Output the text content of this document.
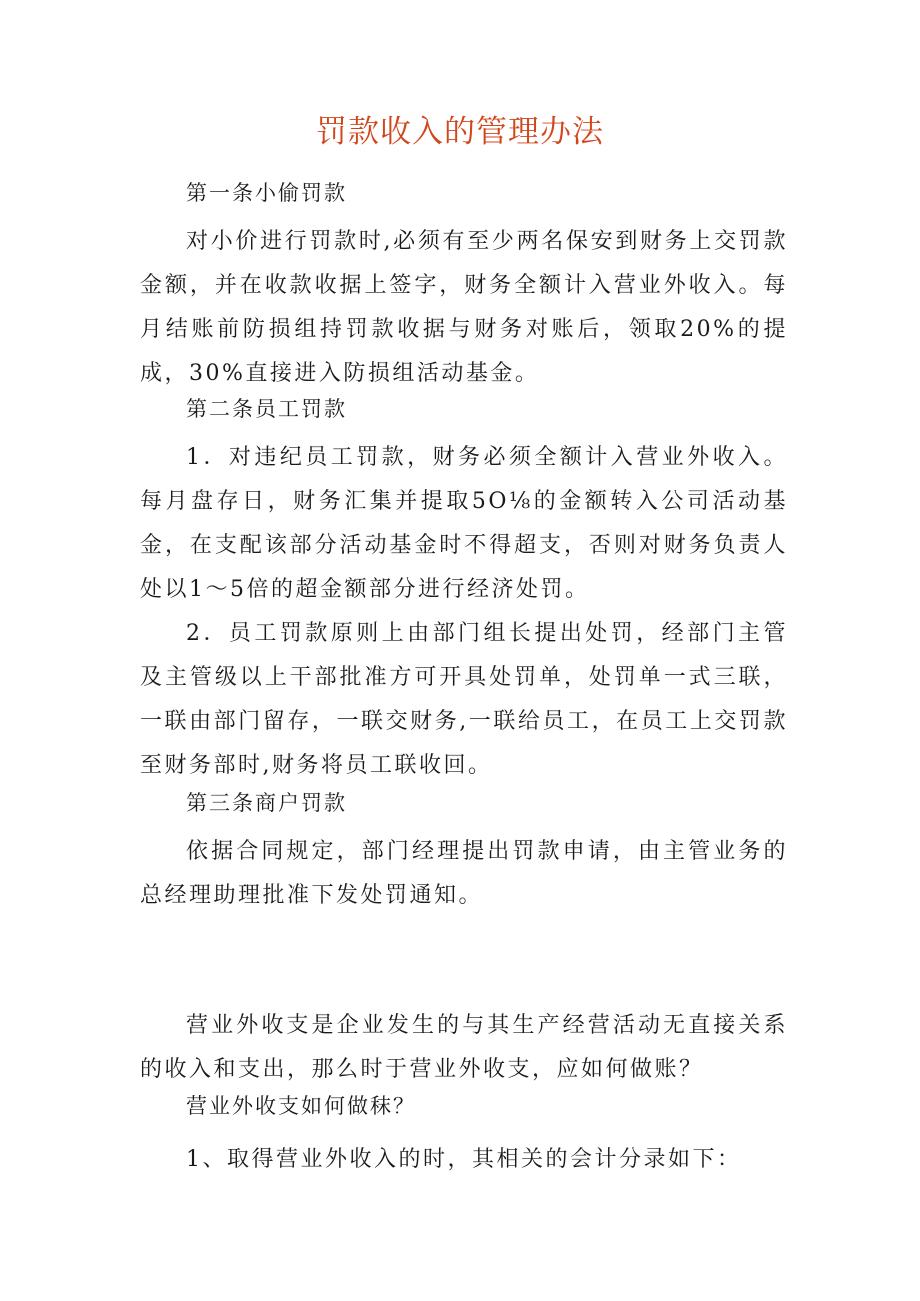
罚款收入的管理办法

第一条小偷罚款

对小价进行罚款时,必须有至少两名保安到财务上交罚款金额，并在收款收据上签字，财务全额计入营业外收入。每月结账前防损组持罚款收据与财务对账后，领取20%的提成，30%直接进入防损组活动基金。

第二条员工罚款

1．对违纪员工罚款，财务必须全额计入营业外收入。每月盘存日，财务汇集并提取5O⅛的金额转入公司活动基金，在支配该部分活动基金时不得超支，否则对财务负责人处以1～5倍的超金额部分进行经济处罚。

2．员工罚款原则上由部门组长提出处罚，经部门主管及主管级以上干部批准方可开具处罚单，处罚单一式三联，一联由部门留存，一联交财务,一联给员工，在员工上交罚款至财务部时,财务将员工联收回。

第三条商户罚款

依据合同规定，部门经理提出罚款申请，由主管业务的总经理助理批准下发处罚通知。

营业外收支是企业发生的与其生产经营活动无直接关系的收入和支出，那么时于营业外收支，应如何做账？

营业外收支如何做秣？

1、取得营业外收入的时，其相关的会计分录如下：
